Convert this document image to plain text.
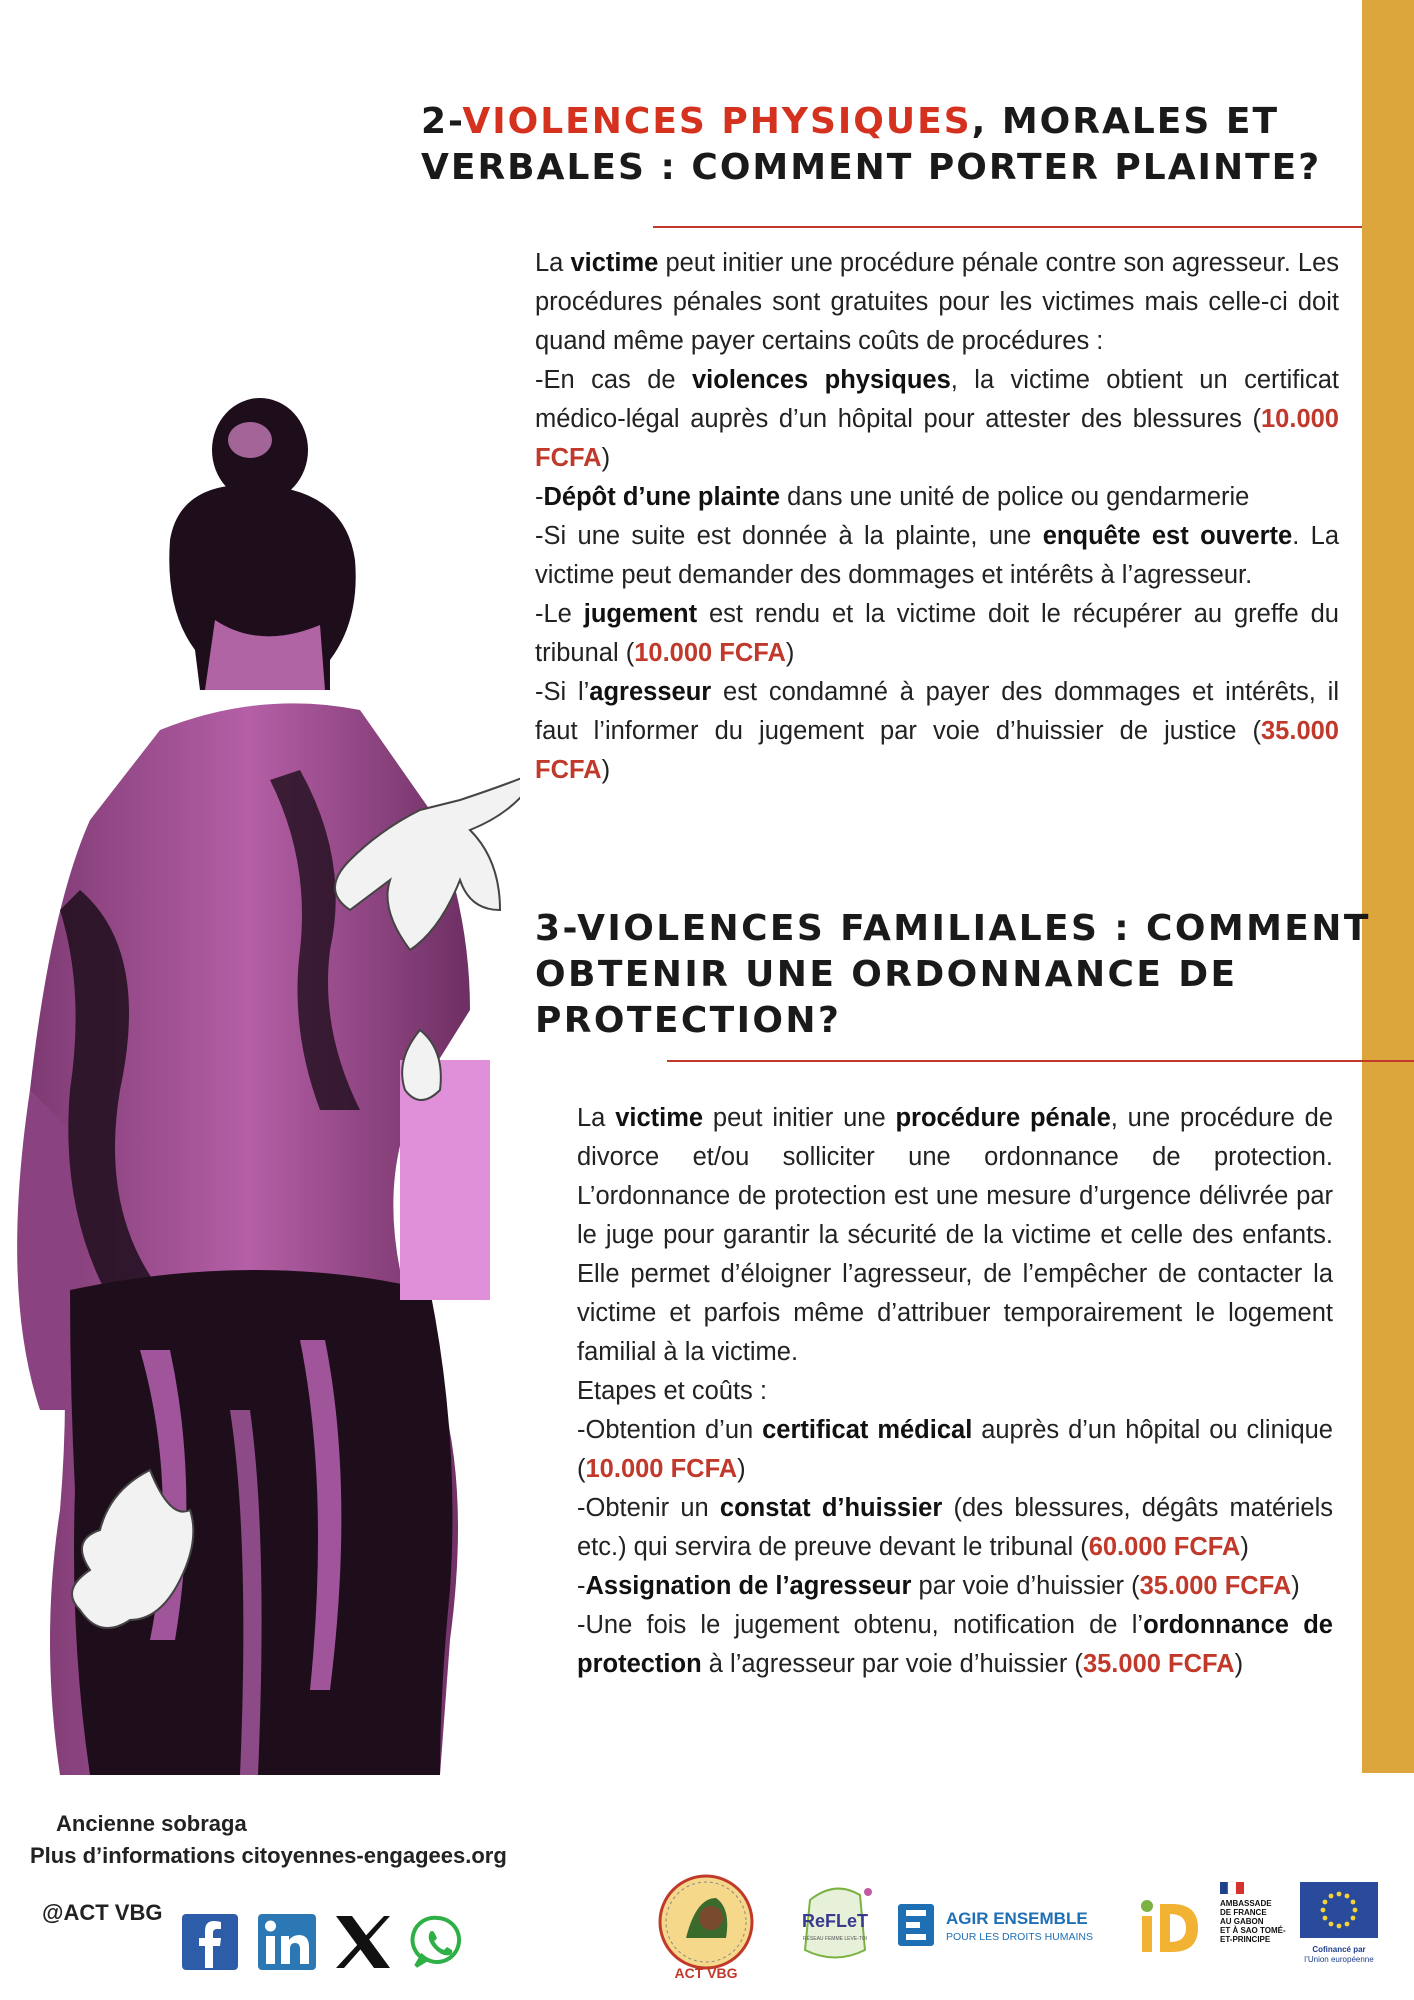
2-VIOLENCES PHYSIQUES, MORALES ET
VERBALES : COMMENT PORTER PLAINTE?

La victime peut initier une procédure pénale contre son agresseur. Les procédures pénales sont gratuites pour les victimes mais celle-ci doit quand même payer certains coûts de procédures :

-En cas de violences physiques, la victime obtient un certificat médico-légal auprès d’un hôpital pour attester des blessures (10.000 FCFA)

-Dépôt d’une plainte dans une unité de police ou gendarmerie

-Si une suite est donnée à la plainte, une enquête est ouverte. La victime peut demander des dommages et intérêts à l’agresseur.

-Le jugement est rendu et la victime doit le récupérer au greffe du tribunal (10.000 FCFA)

-Si l’agresseur est condamné à payer des dommages et intérêts, il faut l’informer du jugement par voie d’huissier de justice (35.000 FCFA)

3-VIOLENCES FAMILIALES : COMMENT
OBTENIR UNE ORDONNANCE DE
PROTECTION?

La victime peut initier une procédure pénale, une procédure de divorce et/ou solliciter une ordonnance de protection. L’ordonnance de protection est une mesure d’urgence délivrée par le juge pour garantir la sécurité de la victime et celle des enfants. Elle permet d’éloigner l’agresseur, de l’empêcher de contacter la victime et parfois même d’attribuer temporairement le logement familial à la victime.

Etapes et coûts :

-Obtention d’un certificat médical auprès d’un hôpital ou clinique (10.000 FCFA)

-Obtenir un constat d’huissier (des blessures, dégâts matériels etc.) qui servira de preuve devant le tribunal (60.000 FCFA)

-Assignation de l’agresseur par voie d’huissier (35.000 FCFA)

-Une fois le jugement obtenu, notification de l’ordonnance de protection à l’agresseur par voie d’huissier (35.000 FCFA)

Ancienne sobraga
Plus d’informations citoyennes-engagees.org
@ACT VBG
ACT VBG
ReFLeT
RÉSEAU FEMME LEVE-TOI
AGIR ENSEMBLE
POUR LES DROITS HUMAINS
AMBASSADE
DE FRANCE
AU GABON
ET À SAO TOMÉ-
ET-PRINCIPE
Cofinancé par
l’Union européenne
